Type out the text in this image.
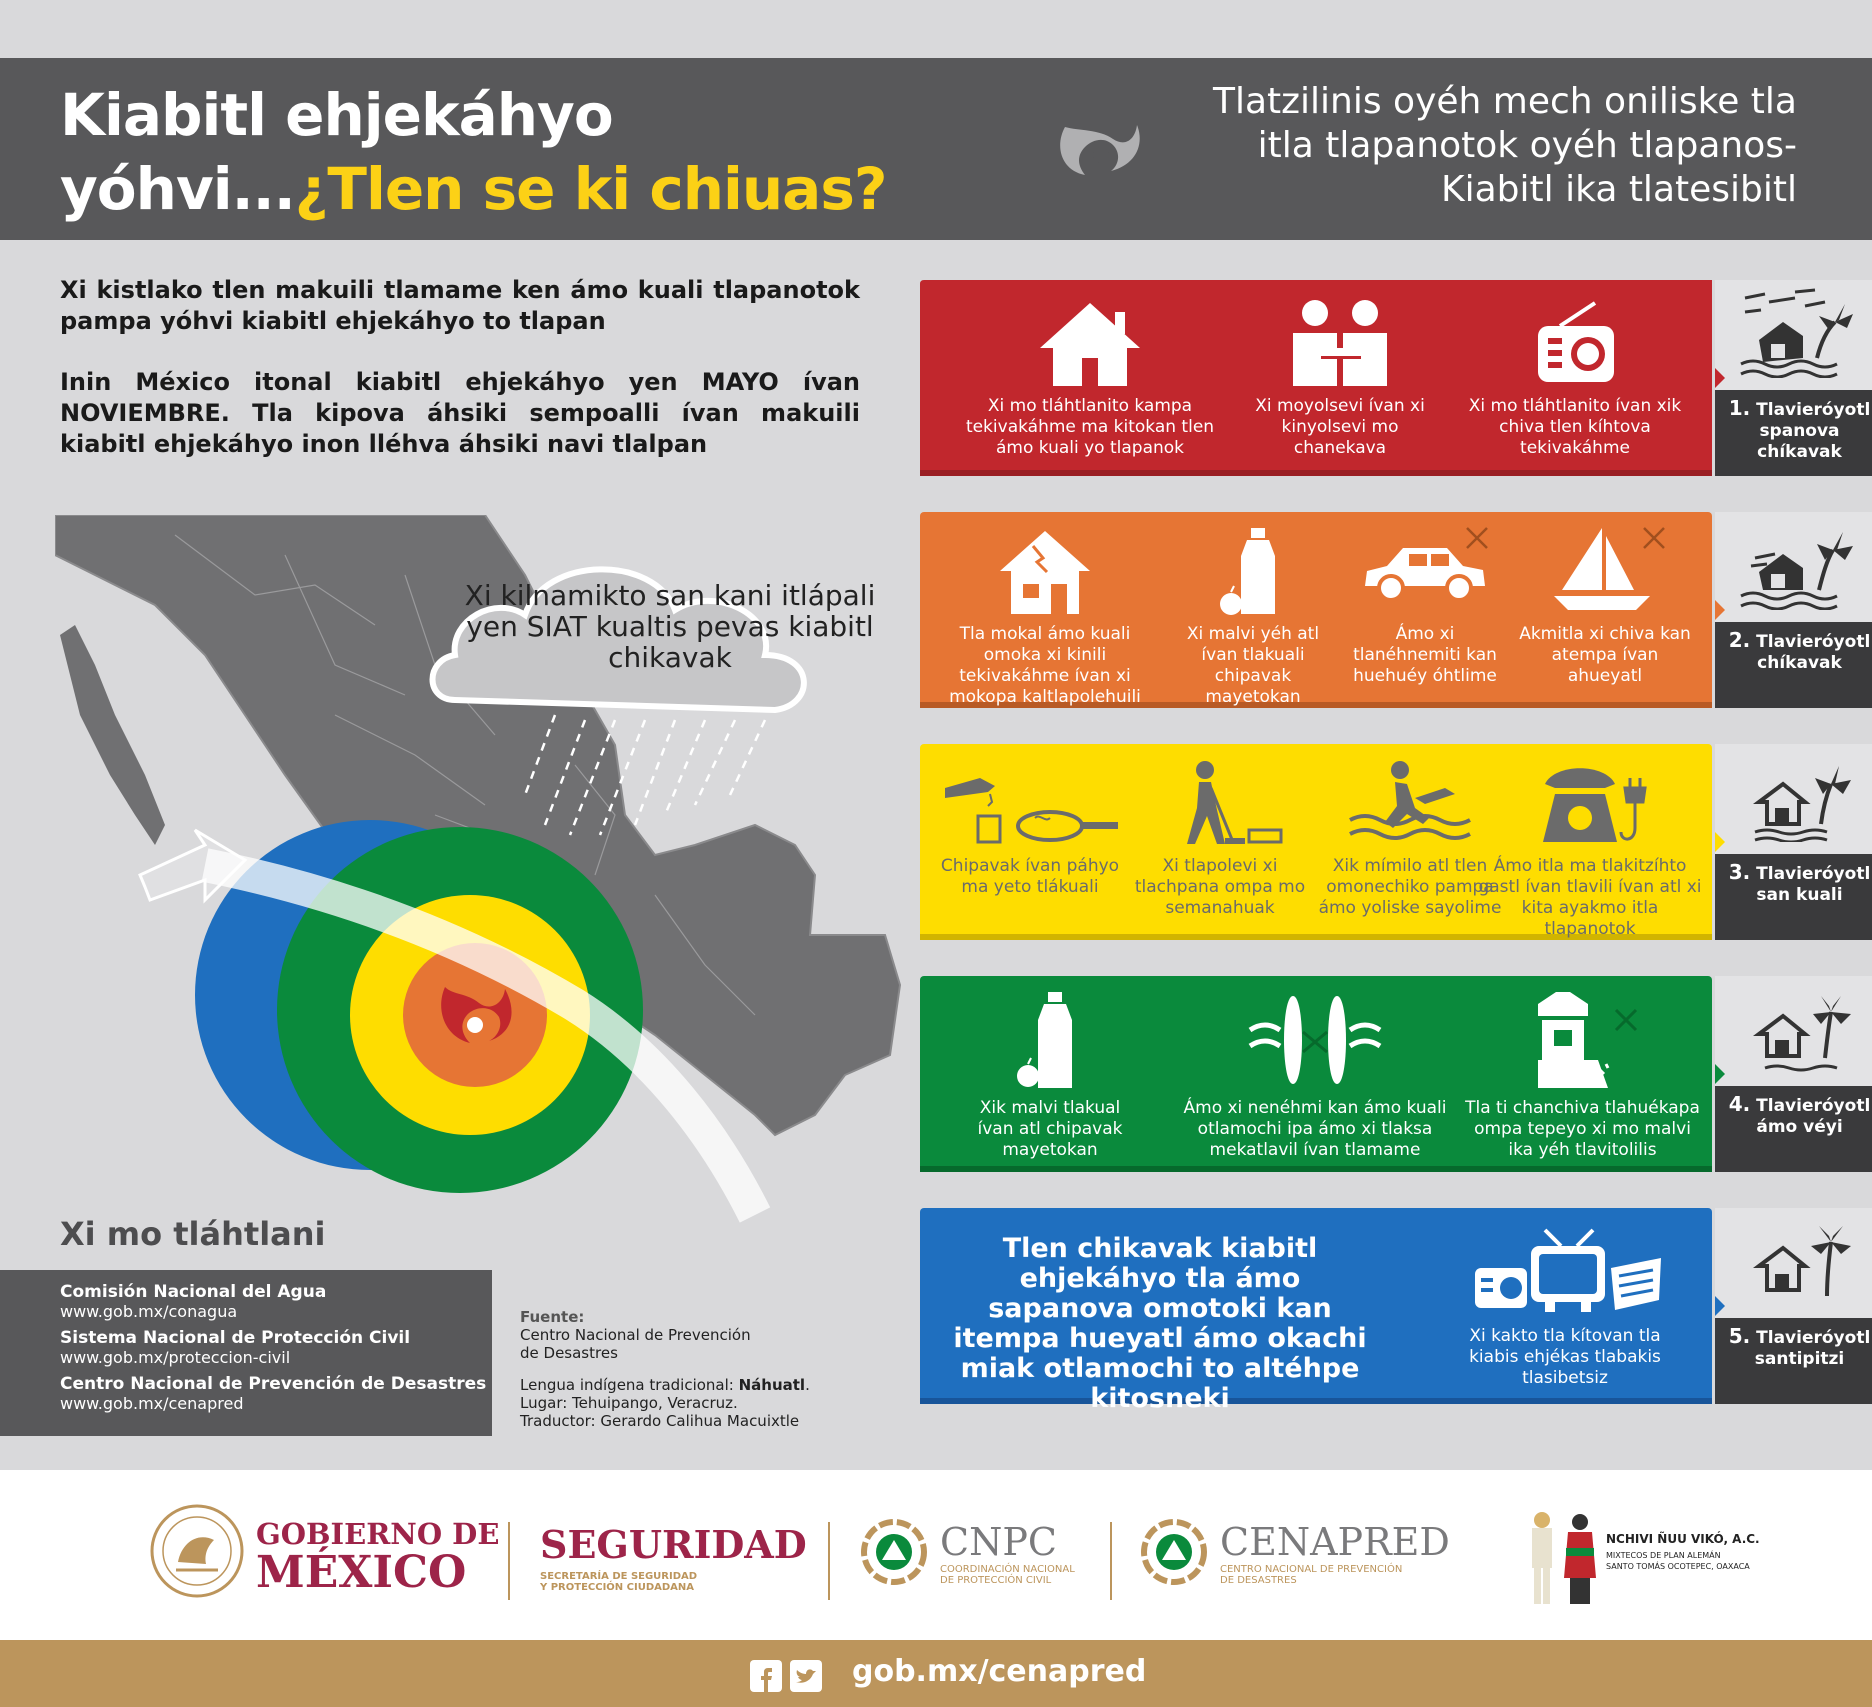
Kiabitl ehjekáhyo
yóhvi...¿Tlen se ki chiuas?
Tlatzilinis oyéh mech oniliske tla itla tlapanotok oyéh tlapanos- Kiabitl ika tlatesibitl

Xi kistlako tlen makuili tlamame ken ámo kuali tlapanotok pampa yóhvi kiabitl ehjekáhyo to tlapan

Inin México itonal kiabitl ehjekáhyo yen MAYO ívan NOVIEMBRE. Tla kipova áhsiki sempoalli ívan makuili kiabitl ehjekáhyo inon lléhva áhsiki navi tlalpan

Xi kilnamikto san kani itlápali yen SIAT kualtis pevas kiabitl chikavak
Xi mo tláhtlani
Comisión Nacional del Agua
www.gob.mx/conagua
Sistema Nacional de Protección Civil
www.gob.mx/proteccion-civil
Centro Nacional de Prevención de Desastres
www.gob.mx/cenapred
Fuente:
Centro Nacional de Prevención
de Desastres
Lengua indígena tradicional: Náhuatl.
Lugar: Tehuipango, Veracruz.
Traductor: Gerardo Calihua Macuixtle
Xi mo tláhtlanito kampa tekivakáhme ma kitokan tlen ámo kuali yo tlapanok
Xi moyolsevi ívan xi kinyolsevi mo chanekava
Xi mo tláhtlanito ívan xik chiva tlen kíhtova tekivakáhme
Tla mokal ámo kuali omoka xi kinili tekivakáhme ívan xi mokopa kaltlapolehuili
Xi malvi yéh atl ívan tlakuali chipavak mayetokan
Ámo xi tlanéhnemiti kan huehuéy óhtlime
Akmitla xi chiva kan atempa ívan ahueyatl
Chipavak ívan páhyo ma yeto tlákuali
Xi tlapolevi xi tlachpana ompa mo semanahuak
Xik mímilo atl tlen omonechiko pampa ámo yoliske sayolime
Ámo itla ma tlakitzíhto gastl ívan tlavili ívan atl xi kita ayakmo itla tlapanotok
Xik malvi tlakual ívan atl chipavak mayetokan
Ámo xi nenéhmi kan ámo kuali otlamochi ipa ámo xi tlaksa mekatlavil ívan tlamame
Tla ti chanchiva tlahuékapa ompa tepeyo xi mo malvi ika yéh tlavitolilis
Tlen chikavak kiabitl ehjekáhyo tla ámo sapanova omotoki kan itempa hueyatl ámo okachi miak otlamochi to altéhpe kitosneki
Xi kakto tla kítovan tla kiabis ehjékas tlabakis tlasibetsiz
1. Tlavieróyotl spanova chíkavak
2. Tlavieróyotl chíkavak
3. Tlavieróyotl san kuali
4. Tlavieróyotl ámo véyi
5. Tlavieróyotl santipitzi
GOBIERNO DE
MÉXICO
SEGURIDAD
SECRETARÍA DE SEGURIDAD
Y PROTECCIÓN CIUDADANA
CNPC
COORDINACIÓN NACIONAL
DE PROTECCIÓN CIVIL
CENAPRED
CENTRO NACIONAL DE PREVENCIÓN
DE DESASTRES
NCHIVI ÑUU VIKÓ, A.C.
MIXTECOS DE PLAN ALEMÁN
SANTO TOMÁS OCOTEPEC, OAXACA
gob.mx/cenapred
